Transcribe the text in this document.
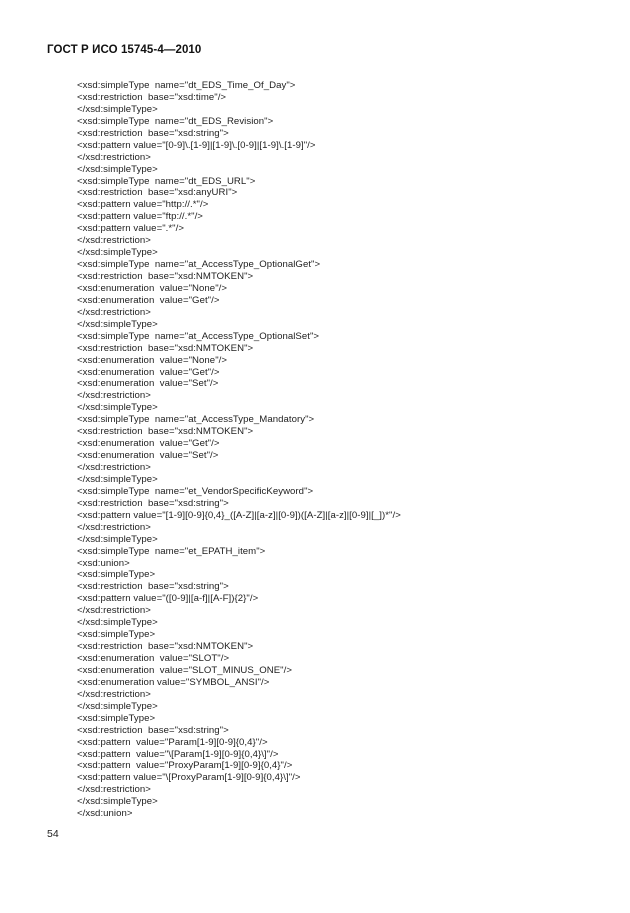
ГОСТ Р ИСО 15745-4—2010
<xsd:simpleType  name="dt_EDS_Time_Of_Day">
<xsd:restriction  base="xsd:time"/>
</xsd:simpleType>
<xsd:simpleType  name="dt_EDS_Revision">
<xsd:restriction  base="xsd:string">
<xsd:pattern value="[0-9]\.[1-9]|[1-9]\.[0-9]|[1-9]\.[1-9]"/>
</xsd:restriction>
</xsd:simpleType>
<xsd:simpleType  name="dt_EDS_URL">
<xsd:restriction  base="xsd:anyURI">
<xsd:pattern value="http://.*"/>
<xsd:pattern value="ftp://.*"/>
<xsd:pattern value=".*"/>
</xsd:restriction>
</xsd:simpleType>
<xsd:simpleType  name="at_AccessType_OptionalGet">
<xsd:restriction  base="xsd:NMTOKEN">
<xsd:enumeration  value="None"/>
<xsd:enumeration  value="Get"/>
</xsd:restriction>
</xsd:simpleType>
<xsd:simpleType  name="at_AccessType_OptionalSet">
<xsd:restriction  base="xsd:NMTOKEN">
<xsd:enumeration  value="None"/>
<xsd:enumeration  value="Get"/>
<xsd:enumeration  value="Set"/>
</xsd:restriction>
</xsd:simpleType>
<xsd:simpleType  name="at_AccessType_Mandatory">
<xsd:restriction  base="xsd:NMTOKEN">
<xsd:enumeration  value="Get"/>
<xsd:enumeration  value="Set"/>
</xsd:restriction>
</xsd:simpleType>
<xsd:simpleType  name="et_VendorSpecificKeyword">
<xsd:restriction  base="xsd:string">
<xsd:pattern value="[1-9][0-9]{0,4}_([A-Z]|[a-z]|[0-9])([A-Z]|[a-z]|[0-9]|[_])*"/>
</xsd:restriction>
</xsd:simpleType>
<xsd:simpleType  name="et_EPATH_item">
<xsd:union>
<xsd:simpleType>
<xsd:restriction  base="xsd:string">
<xsd:pattern value="([0-9]|[a-f]|[A-F]){2}"/>
</xsd:restriction>
</xsd:simpleType>
<xsd:simpleType>
<xsd:restriction  base="xsd:NMTOKEN">
<xsd:enumeration  value="SLOT"/>
<xsd:enumeration  value="SLOT_MINUS_ONE"/>
<xsd:enumeration value="SYMBOL_ANSI"/>
</xsd:restriction>
</xsd:simpleType>
<xsd:simpleType>
<xsd:restriction  base="xsd:string">
<xsd:pattern  value="Param[1-9][0-9]{0,4}"/>
<xsd:pattern  value="\[Param[1-9][0-9]{0,4}\]"/>
<xsd:pattern  value="ProxyParam[1-9][0-9]{0,4}"/>
<xsd:pattern value="\[ProxyParam[1-9][0-9]{0,4}\]"/>
</xsd:restriction>
</xsd:simpleType>
</xsd:union>
54
